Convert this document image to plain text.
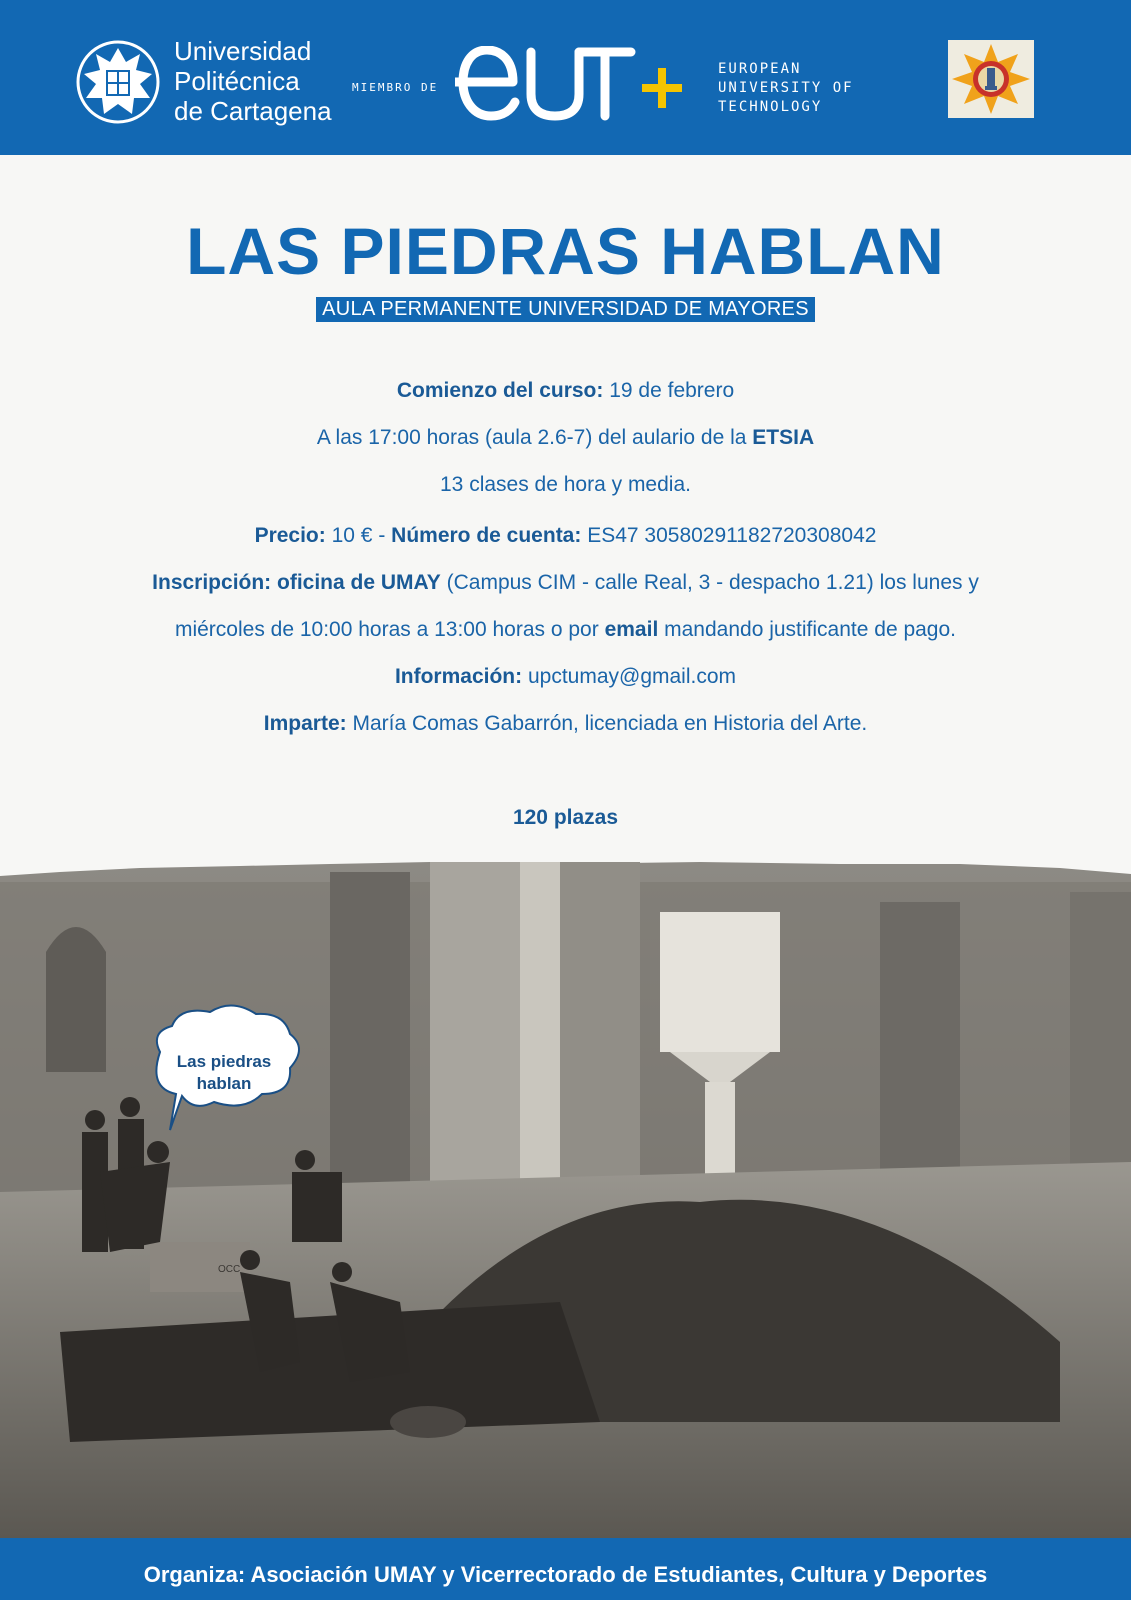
Universidad
Politécnica
de Cartagena
MIEMBRO DE
EUROPEAN
UNIVERSITY OF
TECHNOLOGY
LAS PIEDRAS HABLAN
AULA PERMANENTE UNIVERSIDAD DE MAYORES
Comienzo del curso: 19 de febrero
A las 17:00 horas (aula 2.6-7) del aulario de la ETSIA
13 clases de hora y media.
Precio: 10 € - Número de cuenta: ES47 30580291182720308042
Inscripción: oficina de UMAY (Campus CIM - calle Real, 3 - despacho 1.21) los lunes y
miércoles de 10:00 horas a 13:00 horas o por email mandando justificante de pago.
Información: upctumay@gmail.com
Imparte: María Comas Gabarrón, licenciada en Historia del Arte.
120 plazas
OCC
Las piedras
hablan
Organiza: Asociación UMAY y Vicerrectorado de Estudiantes, Cultura y Deportes
